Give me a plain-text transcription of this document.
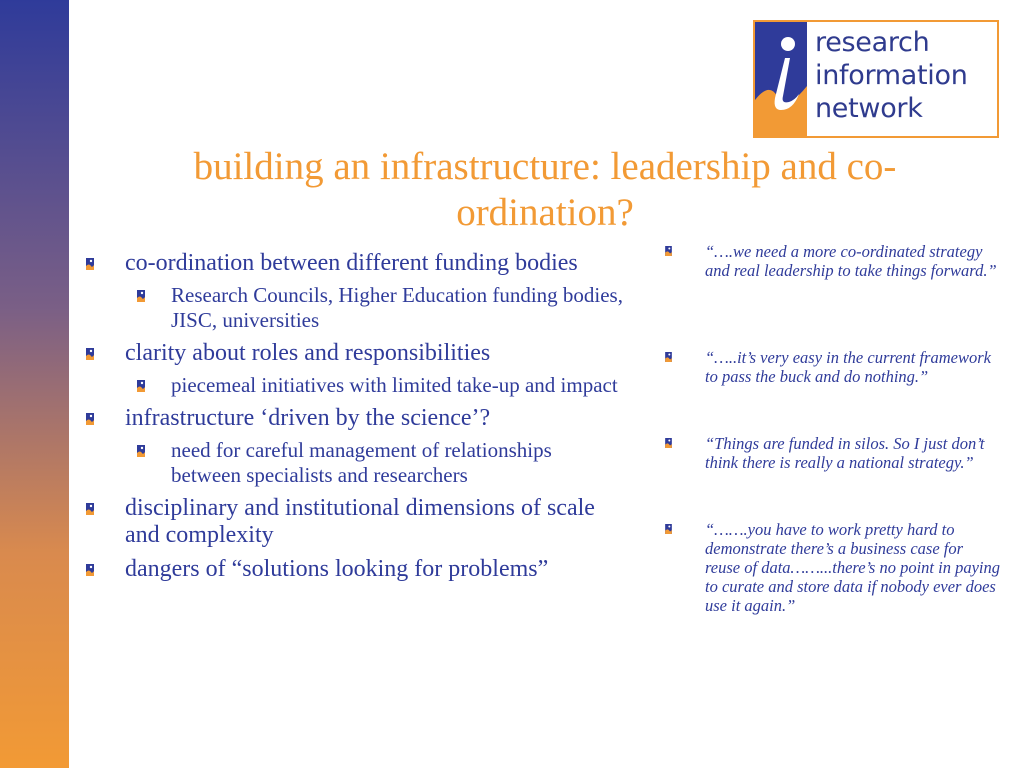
research
information
network
building an infrastructure: leadership and co-ordination?
co-ordination between different funding bodies
Research Councils, Higher Education funding bodies, JISC, universities
clarity about roles and responsibilities
piecemeal initiatives with limited take-up and impact
infrastructure ‘driven by the science’?
need for careful management of relationships between specialists and researchers
disciplinary and institutional dimensions of scale and complexity
dangers of “solutions looking for problems”
“….we need a more co-ordinated strategy and real leadership to take things forward.”
“…..it’s very easy in the current framework to pass the buck and do nothing.”
“Things are funded in silos. So I just don’t think there is really a national strategy.”
“…….you have to work pretty hard to demonstrate there’s a business case for reuse of data……...there’s no point in paying to curate and store data if nobody ever does use it again.”
